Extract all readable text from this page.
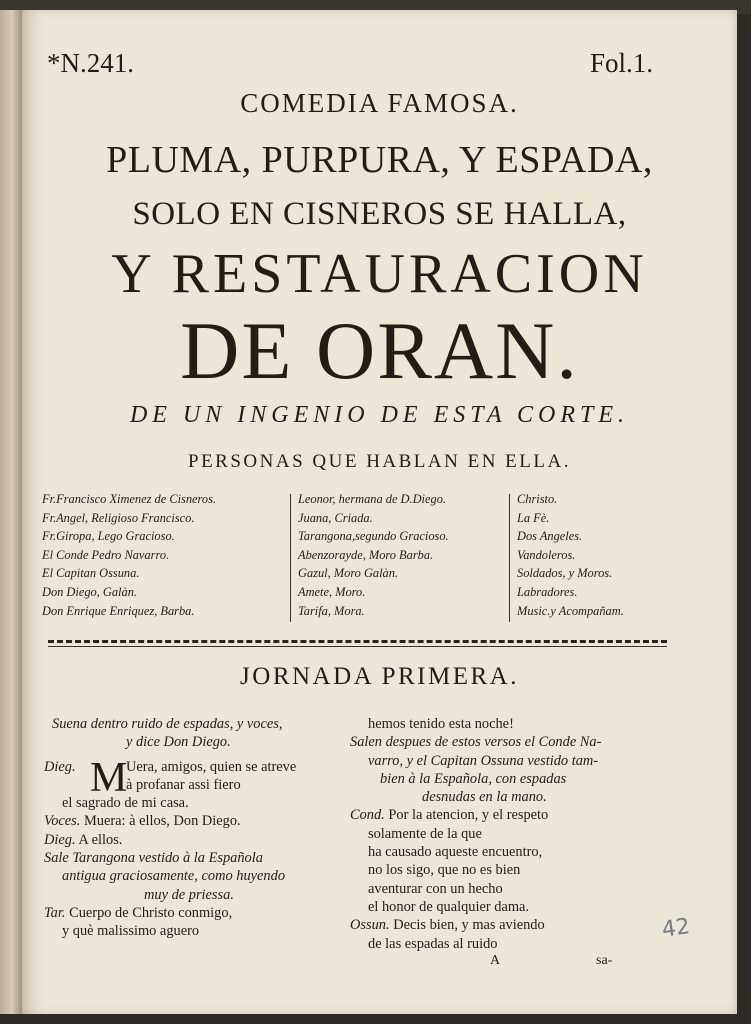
*N.241.	Fol.1.
COMEDIA FAMOSA.
PLUMA, PURPURA, Y ESPADA,
SOLO EN CISNEROS SE HALLA,
Y RESTAURACION
DE ORAN.
DE UN INGENIO DE ESTA CORTE.
PERSONAS QUE HABLAN EN ELLA.
Fr.Francisco Ximenez de Cisneros.
Fr.Angel, Religioso Francisco.
Fr.Giropa, Lego Gracioso.
El Conde Pedro Navarro.
El Capitan Ossuna.
Don Diego, Galàn.
Don Enrique Enriquez, Barba.
Leonor, hermana de D.Diego.
Juana, Criada.
Tarangona,segundo Gracioso.
Abenzorayde, Moro Barba.
Gazul, Moro Galàn.
Amete, Moro.
Tarifa, Mora.
Christo.
La Fè.
Dos Angeles.
Vandoleros.
Soldados, y Moros.
Labradores.
Music.y Acompañam.
JORNADA PRIMERA.
Suena dentro ruido de espadas, y voces,
y dice Don Diego.
Dieg. M
Uera, amigos, quien se atreve
à profanar assi fiero
el sagrado de mi casa.
Voces. Muera: à ellos, Don Diego.
Dieg. A ellos.
Sale Tarangona vestido à la Española
antigua graciosamente, como huyendo
muy de priessa.
Tar. Cuerpo de Christo conmigo,
y què malissimo aguero
hemos tenido esta noche!
Salen despues de estos versos el Conde Na-
varro, y el Capitan Ossuna vestido tam-
bien à la Española, con espadas
desnudas en la mano.
Cond. Por la atencion, y el respeto
solamente de la que
ha causado aqueste encuentro,
no los sigo, que no es bien
aventurar con un hecho
el honor de qualquier dama.
Ossun. Decis bien, y mas aviendo
de las espadas al ruido
A	sa-
42
